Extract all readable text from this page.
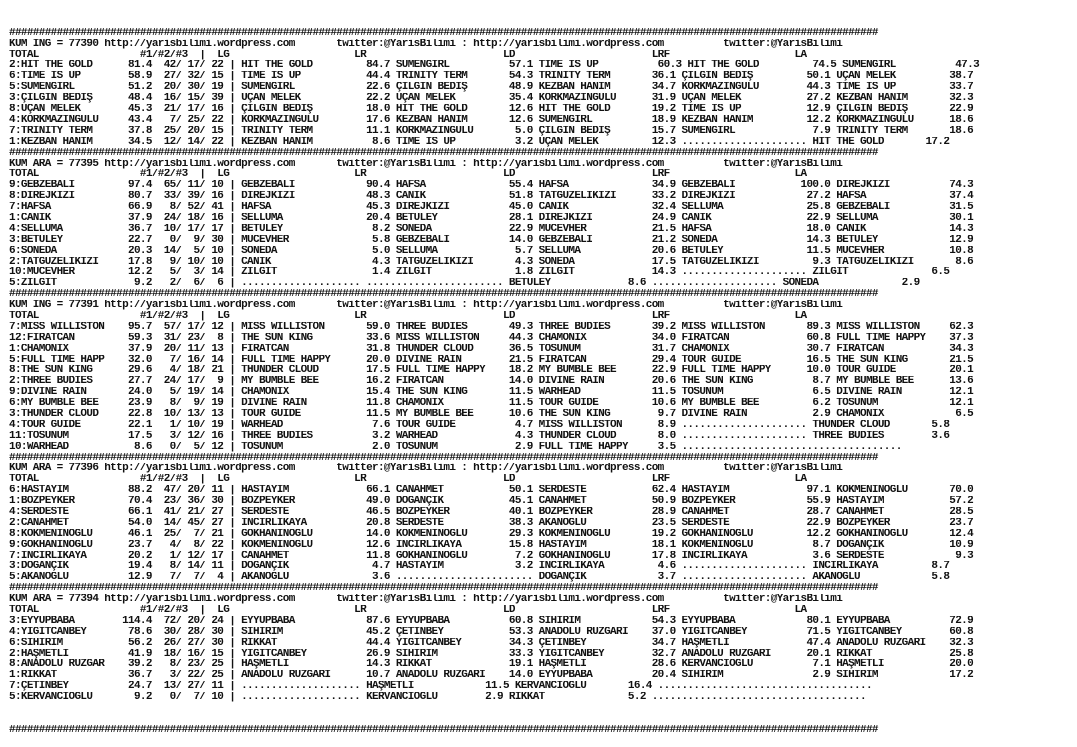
##################################################################################################################################################
KUM ING = 77390 http://yarisbilimi.wordpress.com       twitter:@YarisBilimi : http://yarisbilimi.wordpress.com          twitter:@YarisBilimi
TOTAL                 #1/#2/#3  |  LG                     LR                       LD                       LRF                     LA
2:HIT THE GOLD      81.4  42/ 17/ 22 | HIT THE GOLD         84.7 SÜMENGIRL          57.1 TIME IS UP          60.3 HIT THE GOLD         74.5 SÜMENGIRL          47.3
6:TIME IS UP        58.9  27/ 32/ 15 | TIME IS UP           44.4 TRINITY TERM       54.3 TRINITY TERM       36.1 ÇILGIN BEDİŞ         50.1 UÇAN MELEK         38.7
5:SÜMENGIRL         51.2  20/ 30/ 19 | SÜMENGIRL            22.6 ÇILGIN BEDİŞ       48.9 KEZBAN HANIM       34.7 KORKMAZINGÜLÜ        44.3 TIME IS UP         33.7
3:ÇILGIN BEDİŞ      48.4  16/ 15/ 39 | UÇAN MELEK           22.2 UÇAN MELEK         35.4 KORKMAZINGÜLÜ      31.9 UÇAN MELEK           27.2 KEZBAN HANIM       32.3
8:UÇAN MELEK        45.3  21/ 17/ 16 | ÇILGIN BEDİŞ         18.0 HIT THE GOLD       12.6 HIT THE GOLD       19.2 TIME IS UP           12.9 ÇILGIN BEDİŞ       22.9
4:KORKMAZINGÜLÜ     43.4   7/ 25/ 22 | KORKMAZINGÜLÜ        17.6 KEZBAN HANIM       12.6 SÜMENGIRL          18.9 KEZBAN HANIM         12.2 KORKMAZINGÜLÜ      18.6
7:TRINITY TERM      37.8  25/ 20/ 15 | TRINITY TERM         11.1 KORKMAZINGÜLÜ       5.0 ÇILGIN BEDİŞ       15.7 SÜMENGIRL             7.9 TRINITY TERM       18.6
1:KEZBAN HANIM      34.5  12/ 14/ 22 | KEZBAN HANIM          8.6 TIME IS UP          3.2 UÇAN MELEK         12.3 ..................... HIT THE GOLD       17.2
##################################################################################################################################################
KUM ARA = 77395 http://yarisbilimi.wordpress.com       twitter:@YarisBilimi : http://yarisbilimi.wordpress.com          twitter:@YarisBilimi
TOTAL                 #1/#2/#3  |  LG                     LR                       LD                       LRF                     LA
9:GEBZEBALI         97.4  65/ 11/ 10 | GEBZEBALI            90.4 HAFSA              55.4 HAFSA              34.9 GEBZEBALI           100.0 DIREJKIZI          74.3
8:DIREJKIZI         80.7  33/ 39/ 16 | DIREJKIZI            48.3 CANİK              51.8 TATGÜZELİKIZI      33.2 DIREJKIZI            27.2 HAFSA              37.4
7:HAFSA             66.9   8/ 52/ 41 | HAFSA                45.3 DIREJKIZI          45.0 CANİK              32.4 SELLUMA              25.8 GEBZEBALI          31.5
1:CANİK             37.9  24/ 18/ 16 | SELLUMA              20.4 BETÜLEY            28.1 DIREJKIZI          24.9 CANİK                22.9 SELLUMA            30.1
4:SELLUMA           36.7  10/ 17/ 17 | BETÜLEY               8.2 SONEDA             22.9 MÜCEVHER           21.5 HAFSA                18.0 CANİK              14.3
3:BETÜLEY           22.7   0/  9/ 30 | MÜCEVHER              5.8 GEBZEBALI          14.0 GEBZEBALI          21.2 SONEDA               14.3 BETÜLEY            12.9
6:SONEDA            20.3  14/  5/ 10 | SONEDA                5.0 SELLUMA             5.7 SELLUMA            20.6 BETÜLEY              11.5 MÜCEVHER           10.8
2:TATGÜZELİKIZI     17.8   9/ 10/ 10 | CANİK                 4.3 TATGÜZELİKIZI       4.3 SONEDA             17.5 TATGÜZELİKIZI         9.3 TATGÜZELİKIZI       8.6
10:MÜCEVHER         12.2   5/  3/ 14 | ZILGIT                1.4 ZILGIT              1.8 ZILGIT             14.3 ..................... ZILGIT              6.5
5:ZILGIT             9.2   2/  6/  6 | .................... ....................... BETÜLEY             8.6 ..................... SONEDA              2.9
##################################################################################################################################################
KUM ING = 77391 http://yarisbilimi.wordpress.com       twitter:@YarisBilimi : http://yarisbilimi.wordpress.com          twitter:@YarisBilimi
TOTAL                 #1/#2/#3  |  LG                     LR                       LD                       LRF                     LA
7:MISS WILLISTON    95.7  57/ 17/ 12 | MISS WILLISTON       59.0 THREE BUDIES       49.3 THREE BUDIES       39.2 MISS WILLISTON       89.3 MISS WILLISTON     62.3
12:FIRATCAN         59.3  31/ 23/  8 | THE SUN KING         33.6 MISS WILLISTON     44.3 CHAMONIX           34.0 FIRATCAN             60.8 FULL TIME HAPPY    37.3
1:CHAMONIX          37.9  20/ 11/ 13 | FIRATCAN             31.8 THUNDER CLOUD      36.5 TOSUNUM            31.7 CHAMONIX             30.7 FIRATCAN           34.3
5:FULL TIME HAPP    32.0   7/ 16/ 14 | FULL TIME HAPPY      20.0 DIVINE RAIN        21.5 FIRATCAN           29.4 TOUR GUIDE           16.5 THE SUN KING       21.5
8:THE SUN KING      29.6   4/ 18/ 21 | THUNDER CLOUD        17.5 FULL TIME HAPPY    18.2 MY BUMBLE BEE      22.9 FULL TIME HAPPY      10.0 TOUR GUIDE         20.1
2:THREE BUDIES      27.7  24/ 17/  9 | MY BUMBLE BEE        16.2 FIRATCAN           14.0 DIVINE RAIN        20.6 THE SUN KING          8.7 MY BUMBLE BEE      13.6
9:DIVINE RAIN       24.0   5/ 19/ 14 | CHAMONIX             15.4 THE SUN KING       11.5 WARHEAD            11.5 TOSUNUM               6.5 DIVINE RAIN        12.1
6:MY BUMBLE BEE     23.9   8/  9/ 19 | DIVINE RAIN          11.8 CHAMONIX           11.5 TOUR GUIDE         10.6 MY BUMBLE BEE         6.2 TOSUNUM            12.1
3:THUNDER CLOUD     22.8  10/ 13/ 13 | TOUR GUIDE           11.5 MY BUMBLE BEE      10.6 THE SUN KING        9.7 DIVINE RAIN           2.9 CHAMONIX            6.5
4:TOUR GUIDE        22.1   1/ 10/ 19 | WARHEAD               7.6 TOUR GUIDE          4.7 MISS WILLISTON      8.9 ..................... THUNDER CLOUD       5.8
11:TOSUNUM          17.5   3/ 12/ 16 | THREE BUDIES          3.2 WARHEAD             4.3 THUNDER CLOUD       8.0 ..................... THREE BUDIES        3.6
10:WARHEAD           8.6   0/  5/ 12 | TOSUNUM               2.0 TOSUNUM             2.9 FULL TIME HAPPY     3.5 .....................................
##################################################################################################################################################
KUM ARA = 77396 http://yarisbilimi.wordpress.com       twitter:@YarisBilimi : http://yarisbilimi.wordpress.com          twitter:@YarisBilimi
TOTAL                 #1/#2/#3  |  LG                     LR                       LD                       LRF                     LA
6:HASTAYIM          88.2  47/ 20/ 11 | HASTAYIM             66.1 CANAHMET           50.1 SERDESTE           62.4 HASTAYIM             97.1 KÖKMENİNOĞLU       70.0
1:BOZPEYKER         70.4  23/ 36/ 30 | BOZPEYKER            49.0 DOĞANÇIK           45.1 CANAHMET           50.9 BOZPEYKER            55.9 HASTAYIM           57.2
4:SERDESTE          66.1  41/ 21/ 27 | SERDESTE             46.5 BOZPEYKER          40.1 BOZPEYKER          28.9 CANAHMET             28.7 CANAHMET           28.5
2:CANAHMET          54.0  14/ 45/ 27 | İNCİRLİKAYA          20.8 SERDESTE           38.3 AKANOĞLU           23.5 SERDESTE             22.9 BOZPEYKER          23.7
8:KÖKMENİNOĞLU      46.1  25/  7/ 21 | GÖKHANINOĞLU         14.0 KÖKMENİNOĞLU       29.3 KÖKMENİNOĞLU       19.2 GÖKHANINOĞLU         12.2 GÖKHANINOĞLU       12.4
9:GÖKHANINOĞLU      23.7   4/  8/ 22 | KÖKMENİNOĞLU         12.6 İNCİRLİKAYA        15.8 HASTAYIM           18.1 KÖKMENİNOĞLU          8.7 DOĞANÇIK           10.9
7:İNCİRLİKAYA       20.2   1/ 12/ 17 | CANAHMET             11.8 GÖKHANINOĞLU        7.2 GÖKHANINOĞLU       17.8 İNCİRLİKAYA           3.6 SERDESTE            9.3
3:DOĞANÇIK          19.4   8/ 14/ 11 | DOĞANÇIK              4.7 HASTAYIM            3.2 İNCİRLİKAYA         4.6 ..................... İNCİRLİKAYA         8.7
5:AKANOĞLU          12.9   7/  7/  4 | AKANOĞLU              3.6 ....................... DOĞANÇIK            3.7 ..................... AKANOĞLU            5.8
##################################################################################################################################################
KUM ARA = 77394 http://yarisbilimi.wordpress.com       twitter:@YarisBilimi : http://yarisbilimi.wordpress.com          twitter:@YarisBilimi
TOTAL                 #1/#2/#3  |  LG                     LR                       LD                       LRF                     LA
3:EYYUPBABA        114.4  72/ 20/ 24 | EYYUPBABA            87.6 EYYUPBABA          60.8 SIHIRIM            54.3 EYYUPBABA            80.1 EYYUPBABA          72.9
4:YİĞİTCANBEY       78.6  30/ 28/ 30 | SIHIRIM              45.2 ÇETİNBEY           53.3 ANADOLU RÜZGARI    37.0 YİĞİTCANBEY          71.5 YİĞİTCANBEY        60.8
6:SIHIRIM           56.2  26/ 27/ 30 | RIKKAT               44.4 YİĞİTCANBEY        34.3 ÇETİNBEY           34.7 HAŞMETLİ             47.4 ANADOLU RÜZGARI    32.3
2:HAŞMETLİ          41.9  18/ 16/ 15 | YİĞİTCANBEY          26.9 SIHIRIM            33.3 YİĞİTCANBEY        32.7 ANADOLU RÜZGARI      20.1 RIKKAT             25.8
8:ANADOLU RÜZGAR    39.2   8/ 23/ 25 | HAŞMETLİ             14.3 RIKKAT             19.1 HAŞMETLİ           28.6 KERVANCIOĞLU          7.1 HAŞMETLİ           20.0
1:RIKKAT            36.7   3/ 22/ 25 | ANADOLU RÜZGARI      10.7 ANADOLU RÜZGARI    14.0 EYYUPBABA          20.4 SIHIRIM               2.9 SIHIRIM            17.2
7:ÇETİNBEY          24.7  13/ 27/ 11 | .................... HAŞMETLİ            11.5 KERVANCIOĞLU       16.4 ....................................
5:KERVANCIOĞLU       9.2   0/  7/ 10 | .................... KERVANCIOĞLU        2.9 RIKKAT              5.2 ....................................

##################################################################################################################################################
